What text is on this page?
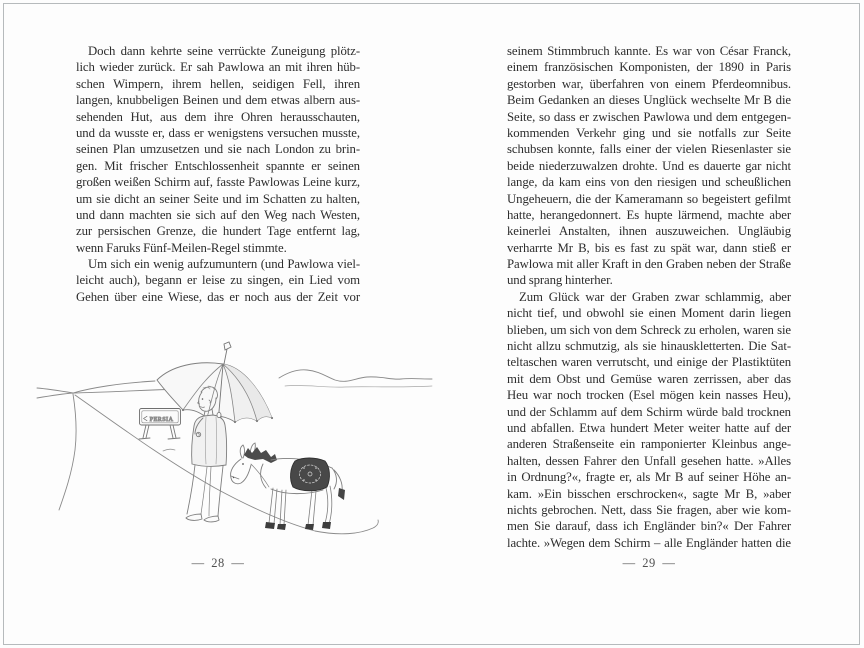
Doch dann kehrte seine verrückte Zuneigung plötz-
lich wieder zurück. Er sah Pawlowa an mit ihren hüb-
schen Wimpern, ihrem hellen, seidigen Fell, ihren
langen, knubbeligen Beinen und dem etwas albern aus-
sehenden Hut, aus dem ihre Ohren herausschauten,
und da wusste er, dass er wenigstens versuchen musste,
seinen Plan umzusetzen und sie nach London zu brin-
gen. Mit frischer Entschlossenheit spannte er seinen
großen weißen Schirm auf, fasste Pawlowas Leine kurz,
um sie dicht an seiner Seite und im Schatten zu halten,
und dann machten sie sich auf den Weg nach Westen,
zur persischen Grenze, die hundert Tage entfernt lag,
wenn Faruks Fünf-Meilen-Regel stimmte.
Um sich ein wenig aufzumuntern (und Pawlowa viel-
leicht auch), begann er leise zu singen, ein Lied vom
Gehen über eine Wiese, das er noch aus der Zeit vor
PERSIA
— 28 —
seinem Stimmbruch kannte. Es war von César Franck,
einem französischen Komponisten, der 1890 in Paris
gestorben war, überfahren von einem Pferdeomnibus.
Beim Gedanken an dieses Unglück wechselte Mr B die
Seite, so dass er zwischen Pawlowa und dem entgegen-
kommenden Verkehr ging und sie notfalls zur Seite
schubsen konnte, falls einer der vielen Riesenlaster sie
beide niederzuwalzen drohte. Und es dauerte gar nicht
lange, da kam eins von den riesigen und scheußlichen
Ungeheuern, die der Kameramann so begeistert gefilmt
hatte, herangedonnert. Es hupte lärmend, machte aber
keinerlei Anstalten, ihnen auszuweichen. Ungläubig
verharrte Mr B, bis es fast zu spät war, dann stieß er
Pawlowa mit aller Kraft in den Graben neben der Straße
und sprang hinterher.
Zum Glück war der Graben zwar schlammig, aber
nicht tief, und obwohl sie einen Moment darin liegen
blieben, um sich von dem Schreck zu erholen, waren sie
nicht allzu schmutzig, als sie hinauskletterten. Die Sat-
teltaschen waren verrutscht, und einige der Plastiktüten
mit dem Obst und Gemüse waren zerrissen, aber das
Heu war noch trocken (Esel mögen kein nasses Heu),
und der Schlamm auf dem Schirm würde bald trocknen
und abfallen. Etwa hundert Meter weiter hatte auf der
anderen Straßenseite ein ramponierter Kleinbus ange-
halten, dessen Fahrer den Unfall gesehen hatte. »Alles
in Ordnung?«, fragte er, als Mr B auf seiner Höhe an-
kam. »Ein bisschen erschrocken«, sagte Mr B, »aber
nichts gebrochen. Nett, dass Sie fragen, aber wie kom-
men Sie darauf, dass ich Engländer bin?« Der Fahrer
lachte. »Wegen dem Schirm – alle Engländer hatten die
— 29 —
